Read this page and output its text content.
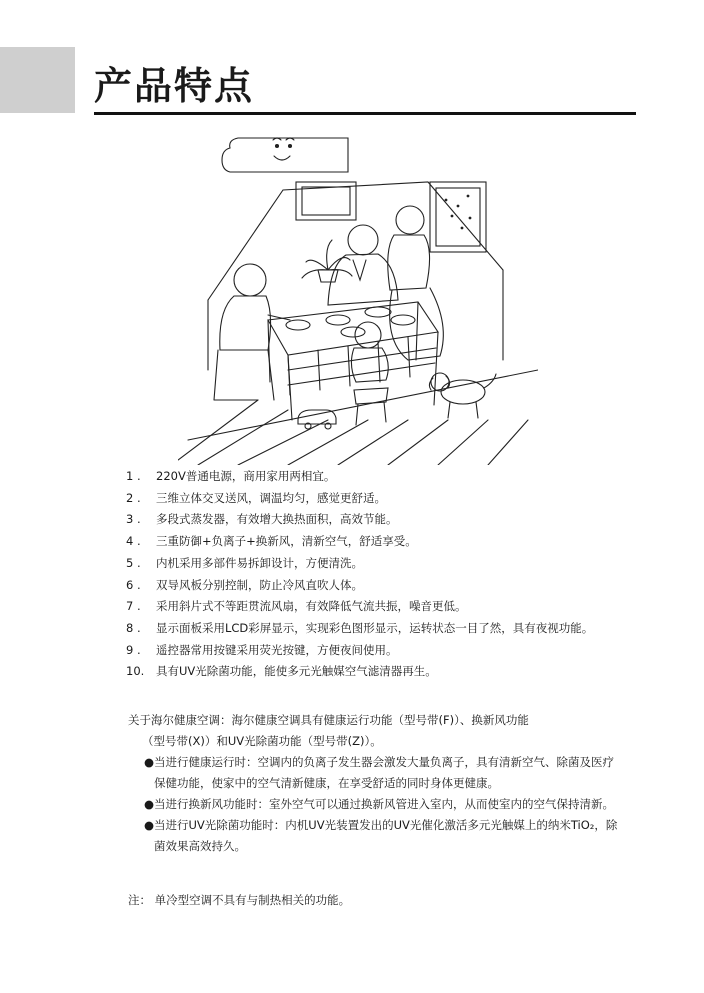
产品特点
1 .	220V普通电源，商用家用两相宜。
2 .	三维立体交叉送风，调温均匀，感觉更舒适。
3 .	多段式蒸发器，有效增大换热面积，高效节能。
4 .	三重防御+负离子+换新风，清新空气，舒适享受。
5 .	内机采用多部件易拆卸设计，方便清洗。
6 .	双导风板分别控制，防止冷风直吹人体。
7 .	采用斜片式不等距贯流风扇，有效降低气流共振，噪音更低。
8 .	显示面板采用LCD彩屏显示，实现彩色图形显示，运转状态一目了然，具有夜视功能。
9 .	遥控器常用按键采用荧光按键，方便夜间使用。
10.	具有UV光除菌功能，能使多元光触媒空气滤清器再生。

关于海尔健康空调：海尔健康空调具有健康运行功能（型号带(F)）、换新风功能

（型号带(X)）和UV光除菌功能（型号带(Z)）。

● 当进行健康运行时：空调内的负离子发生器会激发大量负离子，具有清新空气、除菌及医疗保健功能，使家中的空气清新健康，在享受舒适的同时身体更健康。
● 当进行换新风功能时：室外空气可以通过换新风管进入室内，从而使室内的空气保持清新。
● 当进行UV光除菌功能时：内机UV光装置发出的UV光催化激活多元光触媒上的纳米TiO₂，除菌效果高效持久。
注： 单冷型空调不具有与制热相关的功能。
